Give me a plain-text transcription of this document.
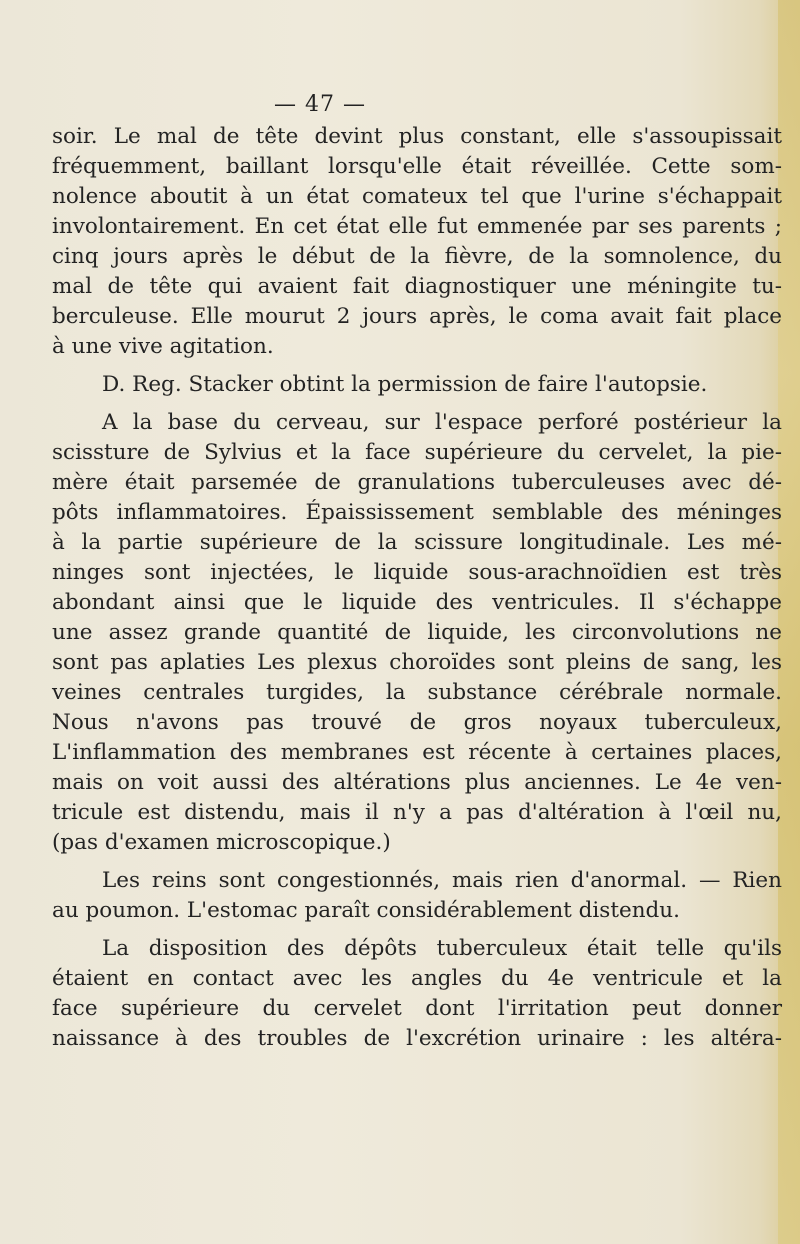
— 47 —
soir. Le mal de tête devint plus constant, elle s'assoupissait
fréquemment, baillant lorsqu'elle était réveillée. Cette som-
nolence aboutit à un état comateux tel que l'urine s'échappait
involontairement. En cet état elle fut emmenée par ses parents ;
cinq jours après le début de la fièvre, de la somnolence, du
mal de tête qui avaient fait diagnostiquer une méningite tu-
berculeuse. Elle mourut 2 jours après, le coma avait fait place
à une vive agitation.
D. Reg. Stacker obtint la permission de faire l'autopsie.
A la base du cerveau, sur l'espace perforé postérieur la
scissture de Sylvius et la face supérieure du cervelet, la pie-
mère était parsemée de granulations tuberculeuses avec dé-
pôts inflammatoires. Épaississement semblable des méninges
à la partie supérieure de la scissure longitudinale. Les mé-
ninges sont injectées, le liquide sous-arachnoïdien est très
abondant ainsi que le liquide des ventricules. Il s'échappe
une assez grande quantité de liquide, les circonvolutions ne
sont pas aplaties Les plexus choroïdes sont pleins de sang, les
veines centrales turgides, la substance cérébrale normale.
Nous n'avons pas trouvé de gros noyaux tuberculeux,
L'inflammation des membranes est récente à certaines places,
mais on voit aussi des altérations plus anciennes. Le 4e ven-
tricule est distendu, mais il n'y a pas d'altération à l'œil nu,
(pas d'examen microscopique.)
Les reins sont congestionnés, mais rien d'anormal. — Rien
au poumon. L'estomac paraît considérablement distendu.
La disposition des dépôts tuberculeux était telle qu'ils
étaient en contact avec les angles du 4e ventricule et la
face supérieure du cervelet dont l'irritation peut donner
naissance à des troubles de l'excrétion urinaire : les altéra-
